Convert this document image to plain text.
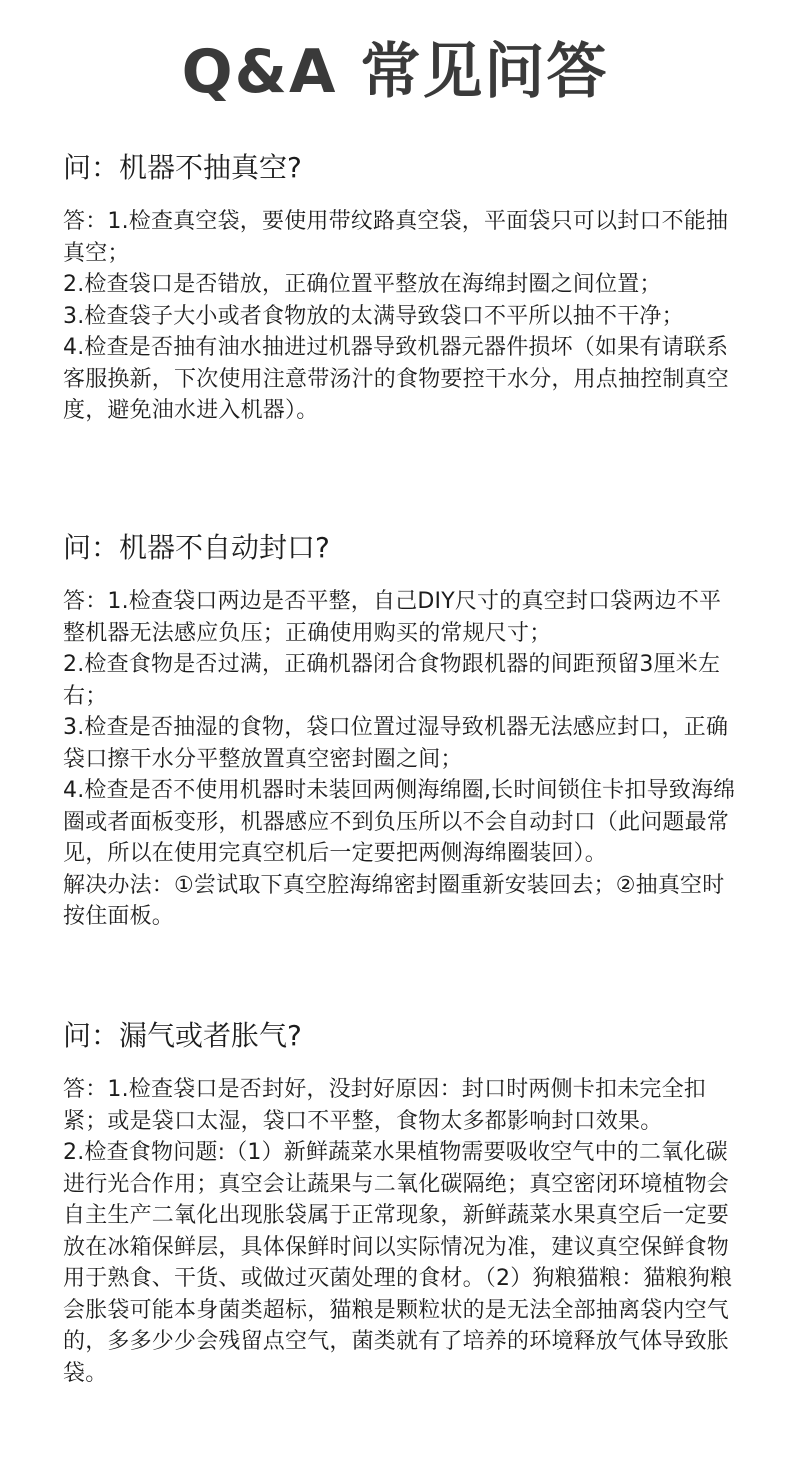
Q&A 常见问答
问：机器不抽真空?

答：1.检查真空袋，要使用带纹路真空袋，平面袋只可以封口不能抽真空；

2.检查袋口是否错放，正确位置平整放在海绵封圈之间位置；

3.检查袋子大小或者食物放的太满导致袋口不平所以抽不干净；

4.检查是否抽有油水抽进过机器导致机器元器件损坏（如果有请联系客服换新，下次使用注意带汤汁的食物要控干水分，用点抽控制真空度，避免油水进入机器）。

问：机器不自动封口?

答：1.检查袋口两边是否平整，自己DIY尺寸的真空封口袋两边不平整机器无法感应负压；正确使用购买的常规尺寸；

2.检查食物是否过满，正确机器闭合食物跟机器的间距预留3厘米左右；

3.检查是否抽湿的食物，袋口位置过湿导致机器无法感应封口，正确袋口擦干水分平整放置真空密封圈之间；

4.检查是否不使用机器时未装回两侧海绵圈,长时间锁住卡扣导致海绵圈或者面板变形，机器感应不到负压所以不会自动封口（此问题最常见，所以在使用完真空机后一定要把两侧海绵圈装回）。

解决办法：①尝试取下真空腔海绵密封圈重新安装回去；②抽真空时按住面板。

问：漏气或者胀气?

答：1.检查袋口是否封好，没封好原因：封口时两侧卡扣未完全扣紧；或是袋口太湿，袋口不平整，食物太多都影响封口效果。

2.检查食物问题:（1）新鲜蔬菜水果植物需要吸收空气中的二氧化碳进行光合作用；真空会让蔬果与二氧化碳隔绝；真空密闭环境植物会自主生产二氧化出现胀袋属于正常现象，新鲜蔬菜水果真空后一定要放在冰箱保鲜层，具体保鲜时间以实际情况为准，建议真空保鲜食物用于熟食、干货、或做过灭菌处理的食材。（2）狗粮猫粮：猫粮狗粮会胀袋可能本身菌类超标，猫粮是颗粒状的是无法全部抽离袋内空气的，多多少少会残留点空气，菌类就有了培养的环境释放气体导致胀袋。
